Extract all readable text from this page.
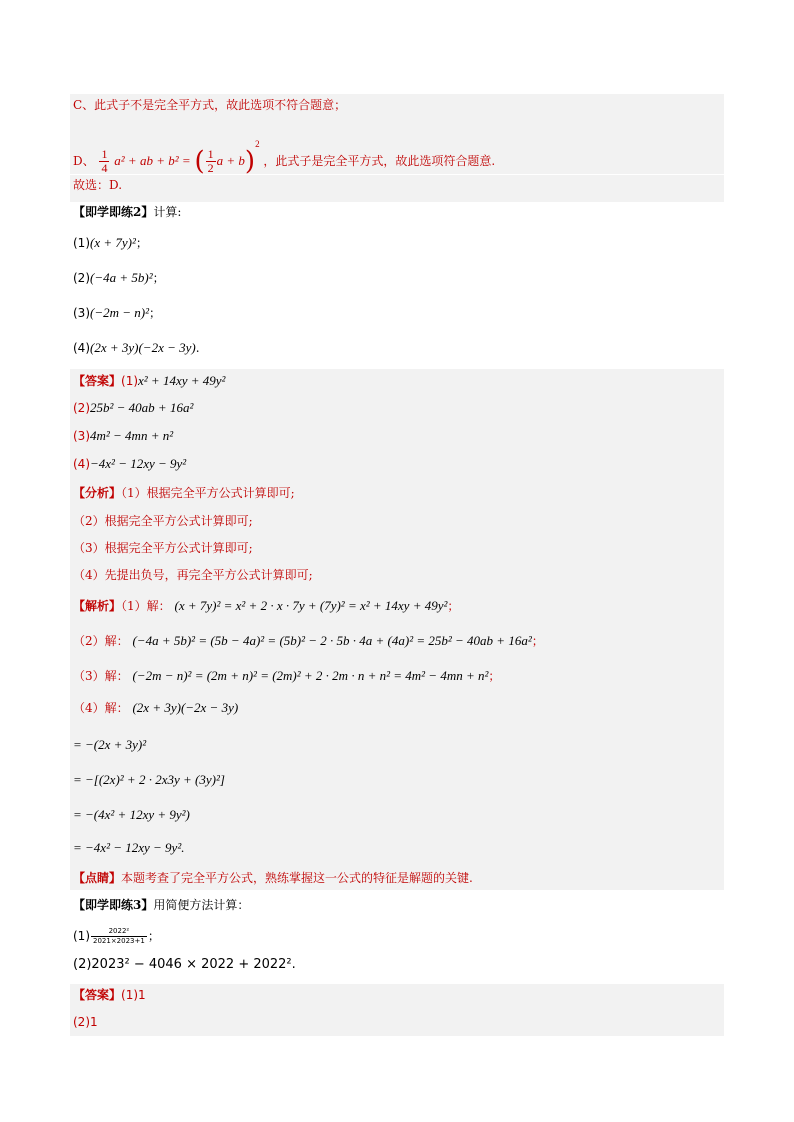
C、此式子不是完全平方式，故此选项不符合题意；
D、 $\frac{1}{4} a^2$ + ab + b² = ( $\frac{1}{2}$ a + b)$^2$ ，此式子是完全平方式，故此选项符合题意.
故选：D.
【即学即练2】计算:
(1)(x + 7y)²；
(2)(−4a + 5b)²；
(3)(−2m − n)²；
(4)(2x + 3y)(−2x − 3y).
【答案】(1)x² + 14xy + 49y²
(2)25b² − 40ab + 16a²
(3)4m² − 4mn + n²
(4)−4x² − 12xy − 9y²
【分析】（1）根据完全平方公式计算即可;
（2）根据完全平方公式计算即可;
（3）根据完全平方公式计算即可;
（4）先提出负号，再完全平方公式计算即可;
【解析】（1）解： (x + 7y)² = x² + 2 · x · 7y + (7y)² = x² + 14xy + 49y²；
（2）解： (−4a + 5b)² = (5b − 4a)² = (5b)² − 2 · 5b · 4a + (4a)² = 25b² − 40ab + 16a²；
（3）解： (−2m − n)² = (2m + n)² = (2m)² + 2 · 2m · n + n² = 4m² − 4mn + n²；
（4）解： (2x + 3y)(−2x − 3y)
= −(2x + 3y)²
= −[(2x)² + 2 · 2x3y + (3y)²]
= −(4x² + 12xy + 9y²)
= −4x² − 12xy − 9y².
【点睛】本题考查了完全平方公式，熟练掌握这一公式的特征是解题的关键.
【即学即练3】用简便方法计算：
$(1) \frac{\text{2022²}}{2021\times 2023+1}$ ；
(2)2023² − 4046 × 2022 + 2022².
【答案】(1)1
(2)1
